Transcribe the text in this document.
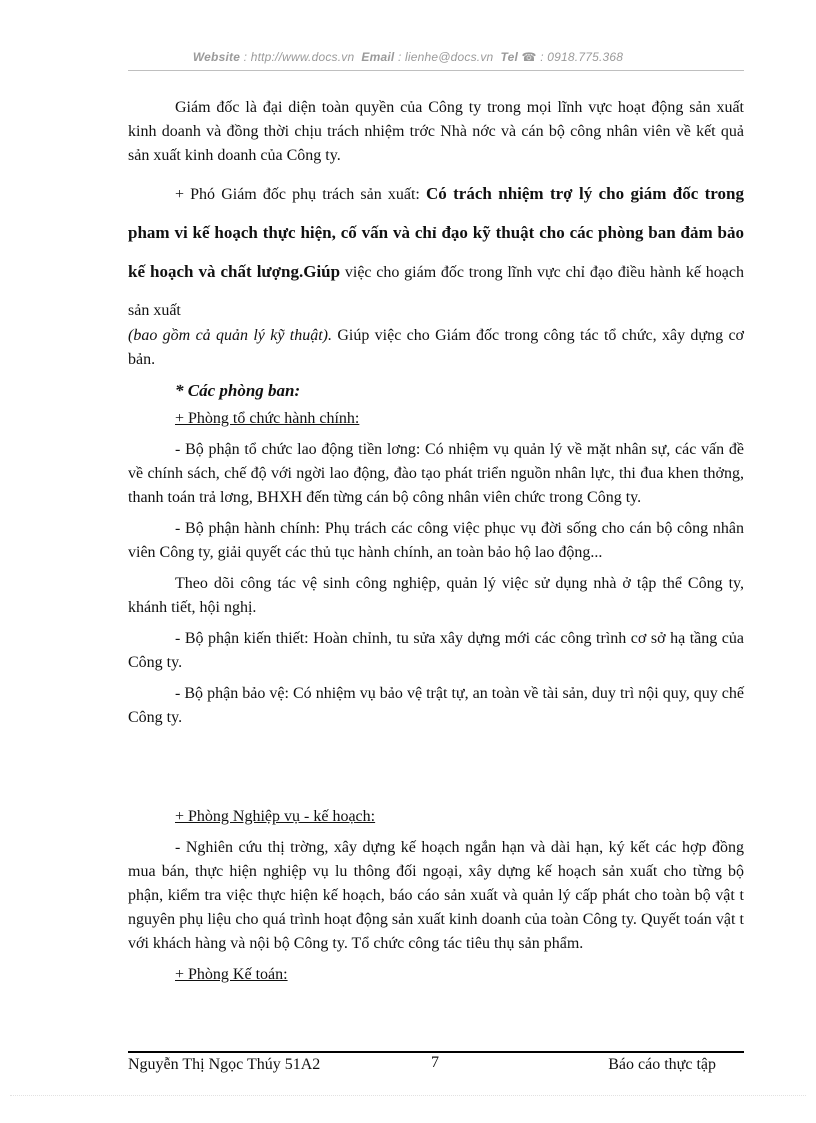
Website : http://www.docs.vn Email : lienhe@docs.vn Tel ☎ : 0918.775.368

Giám đốc là đại diện toàn quyền của Công ty trong mọi lĩnh vực hoạt động sản xuất kinh doanh và đồng thời chịu trách nhiệm trớc Nhà nớc và cán bộ công nhân viên về kết quả sản xuất kinh doanh của Công ty.

+ Phó Giám đốc phụ trách sản xuất: Có trách nhiệm trợ lý cho giám đốc trong pham vi kế hoạch thực hiện, cố vấn và chỉ đạo kỹ thuật cho các phòng ban đảm bảo kế hoạch và chất lượng.Giúp việc cho giám đốc trong lĩnh vực chỉ đạo điều hành kế hoạch sản xuất

(bao gồm cả quản lý kỹ thuật). Giúp việc cho Giám đốc trong công tác tổ chức, xây dựng cơ bản.

* Các phòng ban:

+ Phòng tổ chức hành chính:

- Bộ phận tổ chức lao động tiền lơng: Có nhiệm vụ quản lý về mặt nhân sự, các vấn đề về chính sách, chế độ với ngời lao động, đào tạo phát triển nguồn nhân lực, thi đua khen thởng, thanh toán trả lơng, BHXH đến từng cán bộ công nhân viên chức trong Công ty.

- Bộ phận hành chính: Phụ trách các công việc phục vụ đời sống cho cán bộ công nhân viên Công ty, giải quyết các thủ tục hành chính, an toàn bảo hộ lao động...

Theo dõi công tác vệ sinh công nghiệp, quản lý việc sử dụng nhà ở tập thể Công ty, khánh tiết, hội nghị.

- Bộ phận kiến thiết: Hoàn chỉnh, tu sửa xây dựng mới các công trình cơ sở hạ tầng của Công ty.

- Bộ phận bảo vệ: Có nhiệm vụ bảo vệ trật tự, an toàn về tài sản, duy trì nội quy, quy chế Công ty.

+ Phòng Nghiệp vụ - kế hoạch:

- Nghiên cứu thị trờng, xây dựng kế hoạch ngắn hạn và dài hạn, ký kết các hợp đồng mua bán, thực hiện nghiệp vụ lu thông đối ngoại, xây dựng kế hoạch sản xuất cho từng bộ phận, kiểm tra việc thực hiện kế hoạch, báo cáo sản xuất và quản lý cấp phát cho toàn bộ vật t nguyên phụ liệu cho quá trình hoạt động sản xuất kinh doanh của toàn Công ty. Quyết toán vật t với khách hàng và nội bộ Công ty. Tổ chức công tác tiêu thụ sản phẩm.

+ Phòng Kế toán:

Nguyễn Thị Ngọc Thúy 51A2	7	Báo cáo thực tập
